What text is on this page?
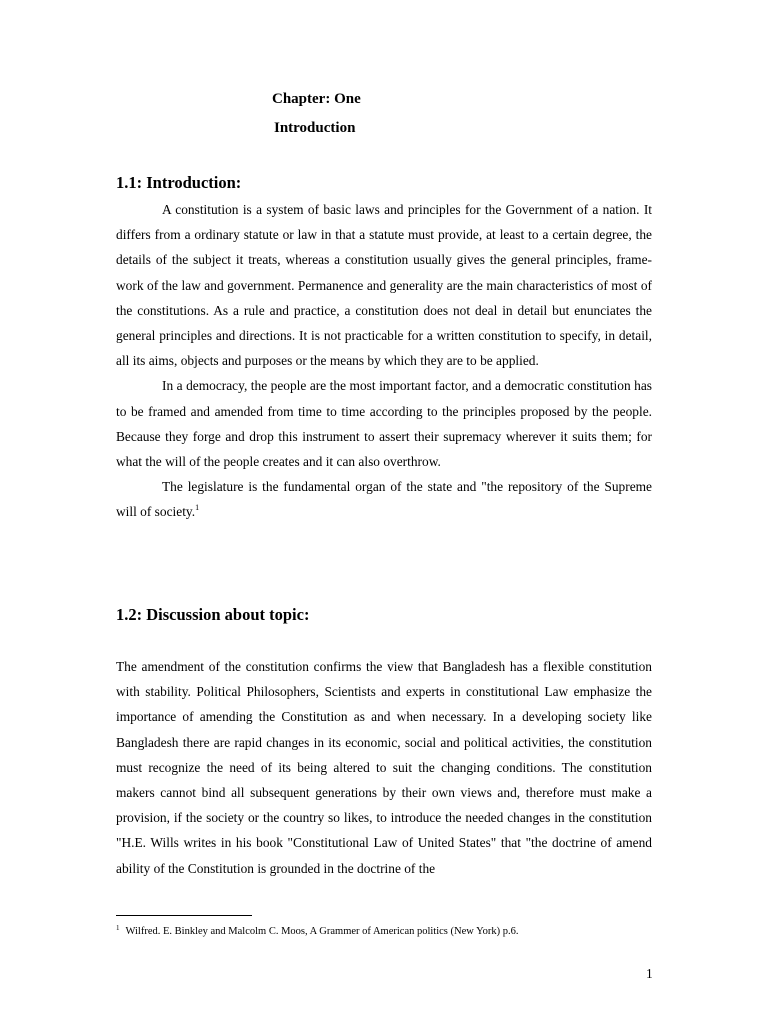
Chapter: One
Introduction
1.1: Introduction:

A constitution is a system of basic laws and principles for the Government of a nation. It differs from a ordinary statute or law in that a statute must provide, at least to a certain degree, the details of the subject it treats, whereas a constitution usually gives the general principles, frame-work of the law and government. Permanence and generality are the main characteristics of most of the constitutions. As a rule and practice, a constitution does not deal in detail but enunciates the general principles and directions. It is not practicable for a written constitution to specify, in detail, all its aims, objects and purposes or the means by which they are to be applied.

In a democracy, the people are the most important factor, and a democratic constitution has to be framed and amended from time to time according to the principles proposed by the people. Because they forge and drop this instrument to assert their supremacy wherever it suits them; for what the will of the people creates and it can also overthrow.

The legislature is the fundamental organ of the state and "the repository of the Supreme will of society.$^1$

1.2: Discussion about topic:

The amendment of the constitution confirms the view that Bangladesh has a flexible constitution with stability. Political Philosophers, Scientists and experts in constitutional Law emphasize the importance of amending the Constitution as and when necessary. In a developing society like Bangladesh there are rapid changes in its economic, social and political activities, the constitution must recognize the need of its being altered to suit the changing conditions. The constitution makers cannot bind all subsequent generations by their own views and, therefore must make a provision, if the society or the country so likes, to introduce the needed changes in the constitution "H.E. Wills writes in his book "Constitutional Law of United States" that "the doctrine of amend ability of the Constitution is grounded in the doctrine of the

$^1$ Wilfred. E. Binkley and Malcolm C. Moos, A Grammer of American politics (New York) p.6.
1
